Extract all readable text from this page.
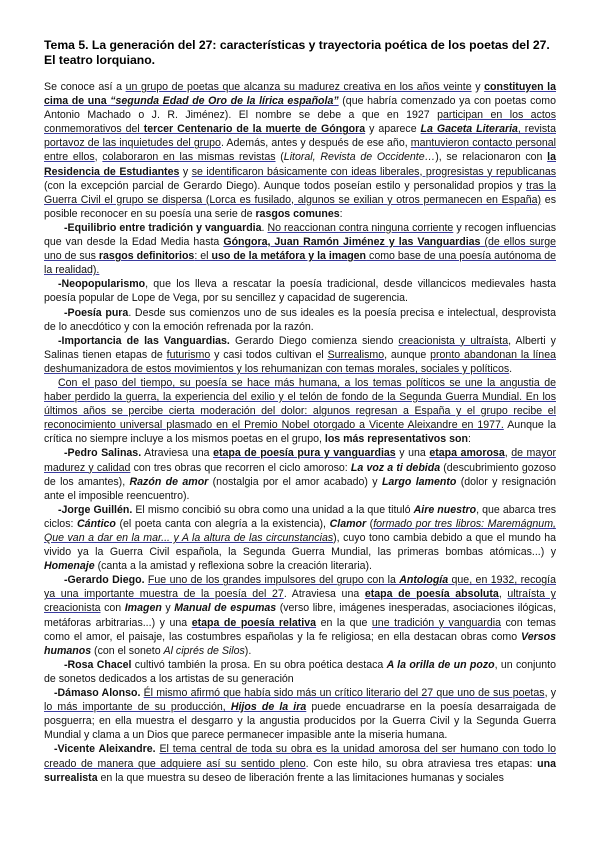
Tema 5. La generación del 27: características y trayectoria poética de los poetas del 27. El teatro lorquiano.

Se conoce así a un grupo de poetas que alcanza su madurez creativa en los años veinte y constituyen la cima de una “segunda Edad de Oro de la lírica española” (que habría comenzado ya con poetas como Antonio Machado o J. R. Jiménez). El nombre se debe a que en 1927 participan en los actos conmemorativos del tercer Centenario de la muerte de Góngora y aparece La Gaceta Literaria, revista portavoz de las inquietudes del grupo. Además, antes y después de ese año, mantuvieron contacto personal entre ellos, colaboraron en las mismas revistas (Litoral, Revista de Occidente…), se relacionaron con la Residencia de Estudiantes y se identificaron básicamente con ideas liberales, progresistas y republicanas (con la excepción parcial de Gerardo Diego). Aunque todos poseían estilo y personalidad propios y tras la Guerra Civil el grupo se dispersa (Lorca es fusilado, algunos se exilian y otros permanecen en España) es posible reconocer en su poesía una serie de rasgos comunes:

-Equilibrio entre tradición y vanguardia. No reaccionan contra ninguna corriente y recogen influencias que van desde la Edad Media hasta Góngora, Juan Ramón Jiménez y las Vanguardias (de ellos surge uno de sus rasgos definitorios: el uso de la metáfora y la imagen como base de una poesía autónoma de la realidad).

-Neopopularismo, que los lleva a rescatar la poesía tradicional, desde villancicos medievales hasta poesía popular de Lope de Vega, por su sencillez y capacidad de sugerencia.

-Poesía pura. Desde sus comienzos uno de sus ideales es la poesía precisa e intelectual, desprovista de lo anecdótico y con la emoción refrenada por la razón.

-Importancia de las Vanguardias. Gerardo Diego comienza siendo creacionista y ultraísta, Alberti y Salinas tienen etapas de futurismo y casi todos cultivan el Surrealismo, aunque pronto abandonan la línea deshumanizadora de estos movimientos y los rehumanizan con temas morales, sociales y políticos.

Con el paso del tiempo, su poesía se hace más humana, a los temas políticos se une la angustia de haber perdido la guerra, la experiencia del exilio y el telón de fondo de la Segunda Guerra Mundial. En los últimos años se percibe cierta moderación del dolor: algunos regresan a España y el grupo recibe el reconocimiento universal plasmado en el Premio Nobel otorgado a Vicente Aleixandre en 1977. Aunque la crítica no siempre incluye a los mismos poetas en el grupo, los más representativos son:

-Pedro Salinas. Atraviesa una etapa de poesía pura y vanguardias y una etapa amorosa, de mayor madurez y calidad con tres obras que recorren el ciclo amoroso: La voz a ti debida (descubrimiento gozoso de los amantes), Razón de amor (nostalgia por el amor acabado) y Largo lamento (dolor y resignación ante el imposible reencuentro).

-Jorge Guillén. El mismo concibió su obra como una unidad a la que tituló Aire nuestro, que abarca tres ciclos: Cántico (el poeta canta con alegría a la existencia), Clamor (formado por tres libros: Maremágnum, Que van a dar en la mar... y A la altura de las circunstancias), cuyo tono cambia debido a que el mundo ha vivido ya la Guerra Civil española, la Segunda Guerra Mundial, las primeras bombas atómicas...) y Homenaje (canta a la amistad y reflexiona sobre la creación literaria).

-Gerardo Diego. Fue uno de los grandes impulsores del grupo con la Antología que, en 1932, recogía ya una importante muestra de la poesía del 27. Atraviesa una etapa de poesía absoluta, ultraísta y creacionista con Imagen y Manual de espumas (verso libre, imágenes inesperadas, asociaciones ilógicas, metáforas arbitrarias...) y una etapa de poesía relativa en la que une tradición y vanguardia con temas como el amor, el paisaje, las costumbres españolas y la fe religiosa; en ella destacan obras como Versos humanos (con el soneto Al ciprés de Silos).

-Rosa Chacel cultivó también la prosa. En su obra poética destaca A la orilla de un pozo, un conjunto de sonetos dedicados a los artistas de su generación

-Dámaso Alonso. Él mismo afirmó que había sido más un crítico literario del 27 que uno de sus poetas, y lo más importante de su producción, Hijos de la ira puede encuadrarse en la poesía desarraigada de posguerra; en ella muestra el desgarro y la angustia producidos por la Guerra Civil y la Segunda Guerra Mundial y clama a un Dios que parece permanecer impasible ante la miseria humana.

-Vicente Aleixandre. El tema central de toda su obra es la unidad amorosa del ser humano con todo lo creado de manera que adquiere así su sentido pleno. Con este hilo, su obra atraviesa tres etapas: una surrealista en la que muestra su deseo de liberación frente a las limitaciones humanas y sociales
